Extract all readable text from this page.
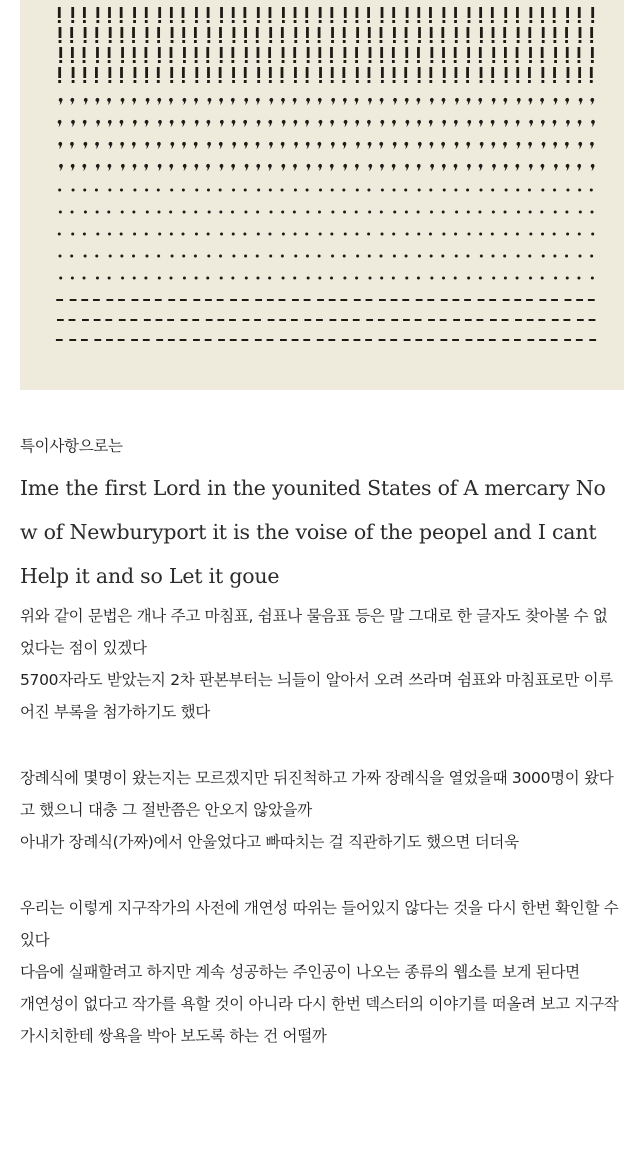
특이사항으로는
Ime the first Lord in the younited States of A mercary No w of Newburyport it is the voise of the peopel and I cant Help it and so Let it goue
위와 같이 문법은 개나 주고 마침표, 쉼표나 물음표 등은 말 그대로 한 글자도 찾아볼 수 없었다는 점이 있겠다
5700자라도 받았는지 2차 판본부터는 늬들이 알아서 오려 쓰라며 쉼표와 마침표로만 이루어진 부록을 첨가하기도 했다
장례식에 몇명이 왔는지는 모르겠지만 뒤진척하고 가짜 장례식을 열었을때 3000명이 왔다고 했으니 대충 그 절반쯤은 안오지 않았을까
아내가 장례식(가짜)에서 안울었다고 빠따치는 걸 직관하기도 했으면 더더욱
우리는 이렇게 지구작가의 사전에 개연성 따위는 들어있지 않다는 것을 다시 한번 확인할 수 있다
다음에 실패할려고 하지만 계속 성공하는 주인공이 나오는 종류의 웹소를 보게 된다면
개연성이 없다고 작가를 욕할 것이 아니라 다시 한번 덱스터의 이야기를 떠올려 보고 지구작가시치한테 쌍욕을 박아 보도록 하는 건 어떨까
